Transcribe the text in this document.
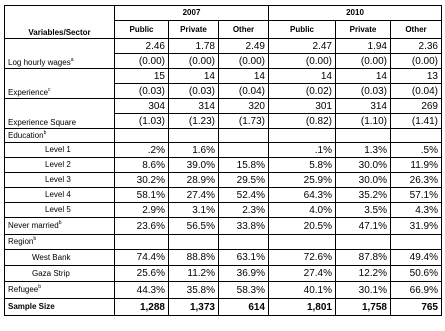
Variables/Sector	2007			2010		
	Public	Private	Other	Public	Private	Other
Log hourly wages$^a$	2.46	1.78	2.49	2.47	1.94	2.36
	(0.00)	(0.00)	(0.00)	(0.00)	(0.00)	(0.00)
Experience$^c$	15	14	14	14	14	13
	(0.03)	(0.03)	(0.04)	(0.02)	(0.03)	(0.04)
Experience Square	304	314	320	301	314	269
	(1.03)	(1.23)	(1.73)	(0.82)	(1.10)	(1.41)
Education$^b$						
Level 1	.2%	1.6%		.1%	1.3%	.5%
Level 2	8.6%	39.0%	15.8%	5.8%	30.0%	11.9%
Level 3	30.2%	28.9%	29.5%	25.9%	30.0%	26.3%
Level 4	58.1%	27.4%	52.4%	64.3%	35.2%	57.1%
Level 5	2.9%	3.1%	2.3%	4.0%	3.5%	4.3%
Never married$^b$	23.6%	56.5%	33.8%	20.5%	47.1%	31.9%
Region$^b$						
West Bank	74.4%	88.8%	63.1%	72.6%	87.8%	49.4%
Gaza Strip	25.6%	11.2%	36.9%	27.4%	12.2%	50.6%
Refugee$^b$	44.3%	35.8%	58.3%	40.1%	30.1%	66.9%
Sample Size	1,288	1,373	614	1,801	1,758	765
